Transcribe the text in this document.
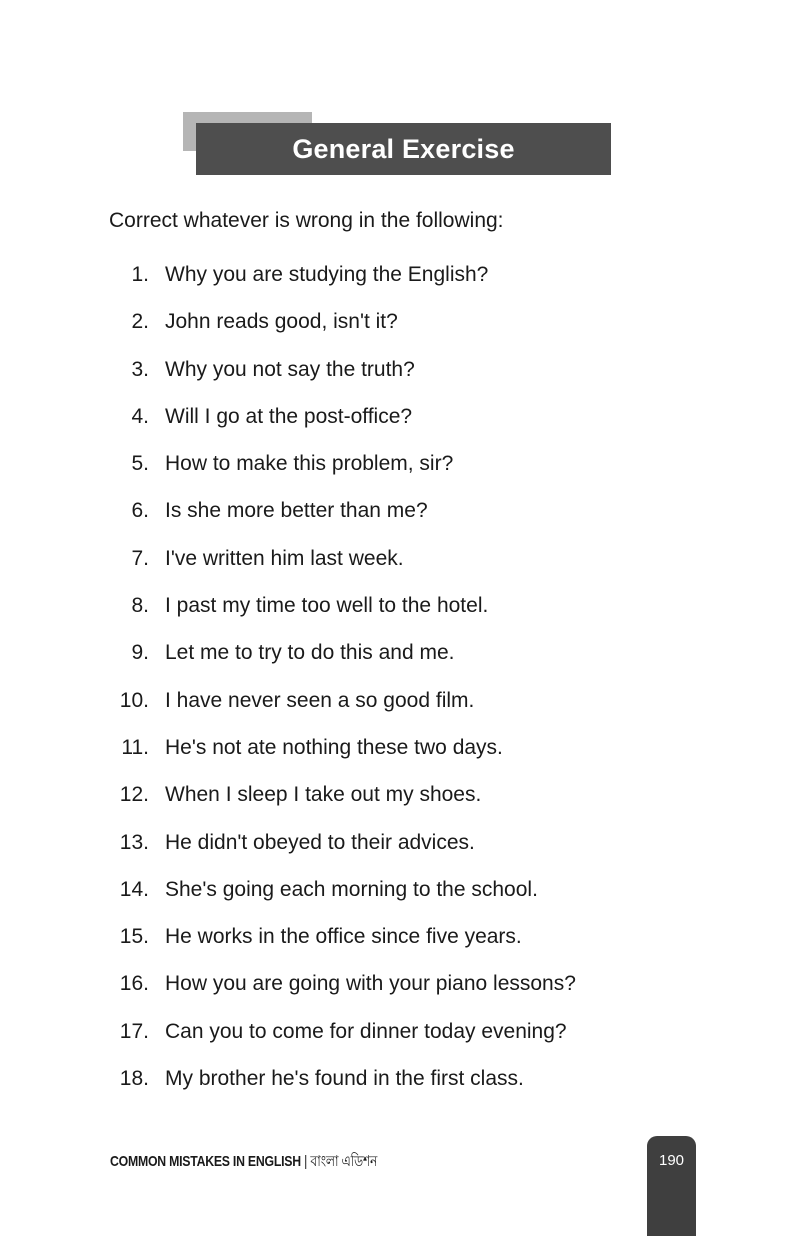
General Exercise
Correct whatever is wrong in the following:
1. Why you are studying the English?
2. John reads good, isn't it?
3. Why you not say the truth?
4. Will I go at the post-office?
5. How to make this problem, sir?
6. Is she more better than me?
7. I've written him last week.
8. I past my time too well to the hotel.
9. Let me to try to do this and me.
10. I have never seen a so good film.
11. He's not ate nothing these two days.
12. When I sleep I take out my shoes.
13. He didn't obeyed to their advices.
14. She's going each morning to the school.
15. He works in the office since five years.
16. How you are going with your piano lessons?
17. Can you to come for dinner today evening?
18. My brother he's found in the first class.
COMMON MISTAKES IN ENGLISH | বাংলা এডিশন	190
